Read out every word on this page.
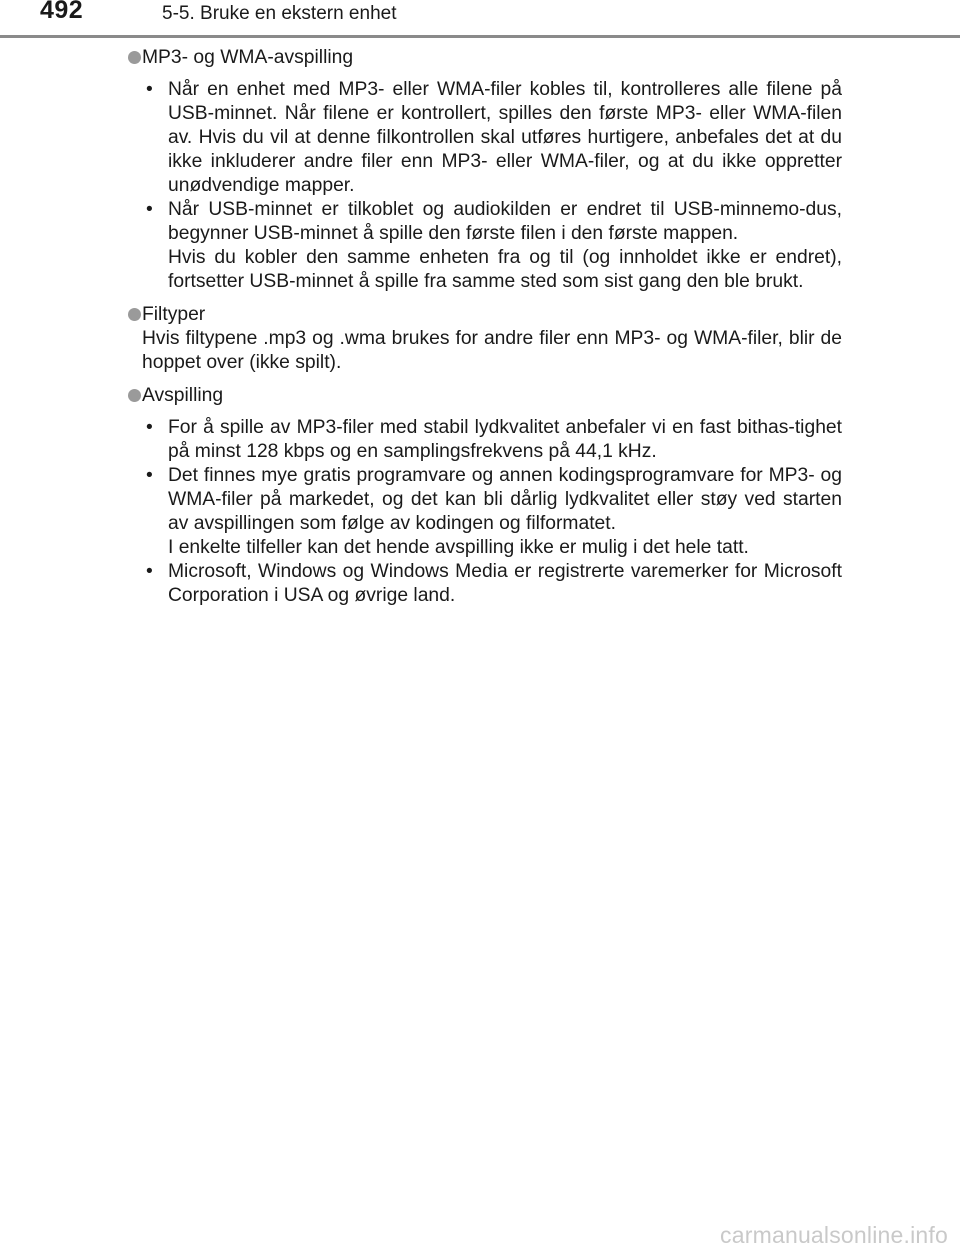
492	5-5. Bruke en ekstern enhet
MP3- og WMA-avspilling
• Når en enhet med MP3- eller WMA-filer kobles til, kontrolleres alle filene på USB-minnet. Når filene er kontrollert, spilles den første MP3- eller WMA-filen av. Hvis du vil at denne filkontrollen skal utføres hurtigere, anbefales det at du ikke inkluderer andre filer enn MP3- eller WMA-filer, og at du ikke oppretter unødvendige mapper.
• Når USB-minnet er tilkoblet og audiokilden er endret til USB-minnemo-dus, begynner USB-minnet å spille den første filen i den første mappen.
Hvis du kobler den samme enheten fra og til (og innholdet ikke er endret), fortsetter USB-minnet å spille fra samme sted som sist gang den ble brukt.
Filtyper
Hvis filtypene .mp3 og .wma brukes for andre filer enn MP3- og WMA-filer, blir de hoppet over (ikke spilt).
Avspilling
• For å spille av MP3-filer med stabil lydkvalitet anbefaler vi en fast bithas-tighet på minst 128 kbps og en samplingsfrekvens på 44,1 kHz.
• Det finnes mye gratis programvare og annen kodingsprogramvare for MP3- og WMA-filer på markedet, og det kan bli dårlig lydkvalitet eller støy ved starten av avspillingen som følge av kodingen og filformatet.
I enkelte tilfeller kan det hende avspilling ikke er mulig i det hele tatt.
• Microsoft, Windows og Windows Media er registrerte varemerker for Microsoft Corporation i USA og øvrige land.
carmanualsonline.info
